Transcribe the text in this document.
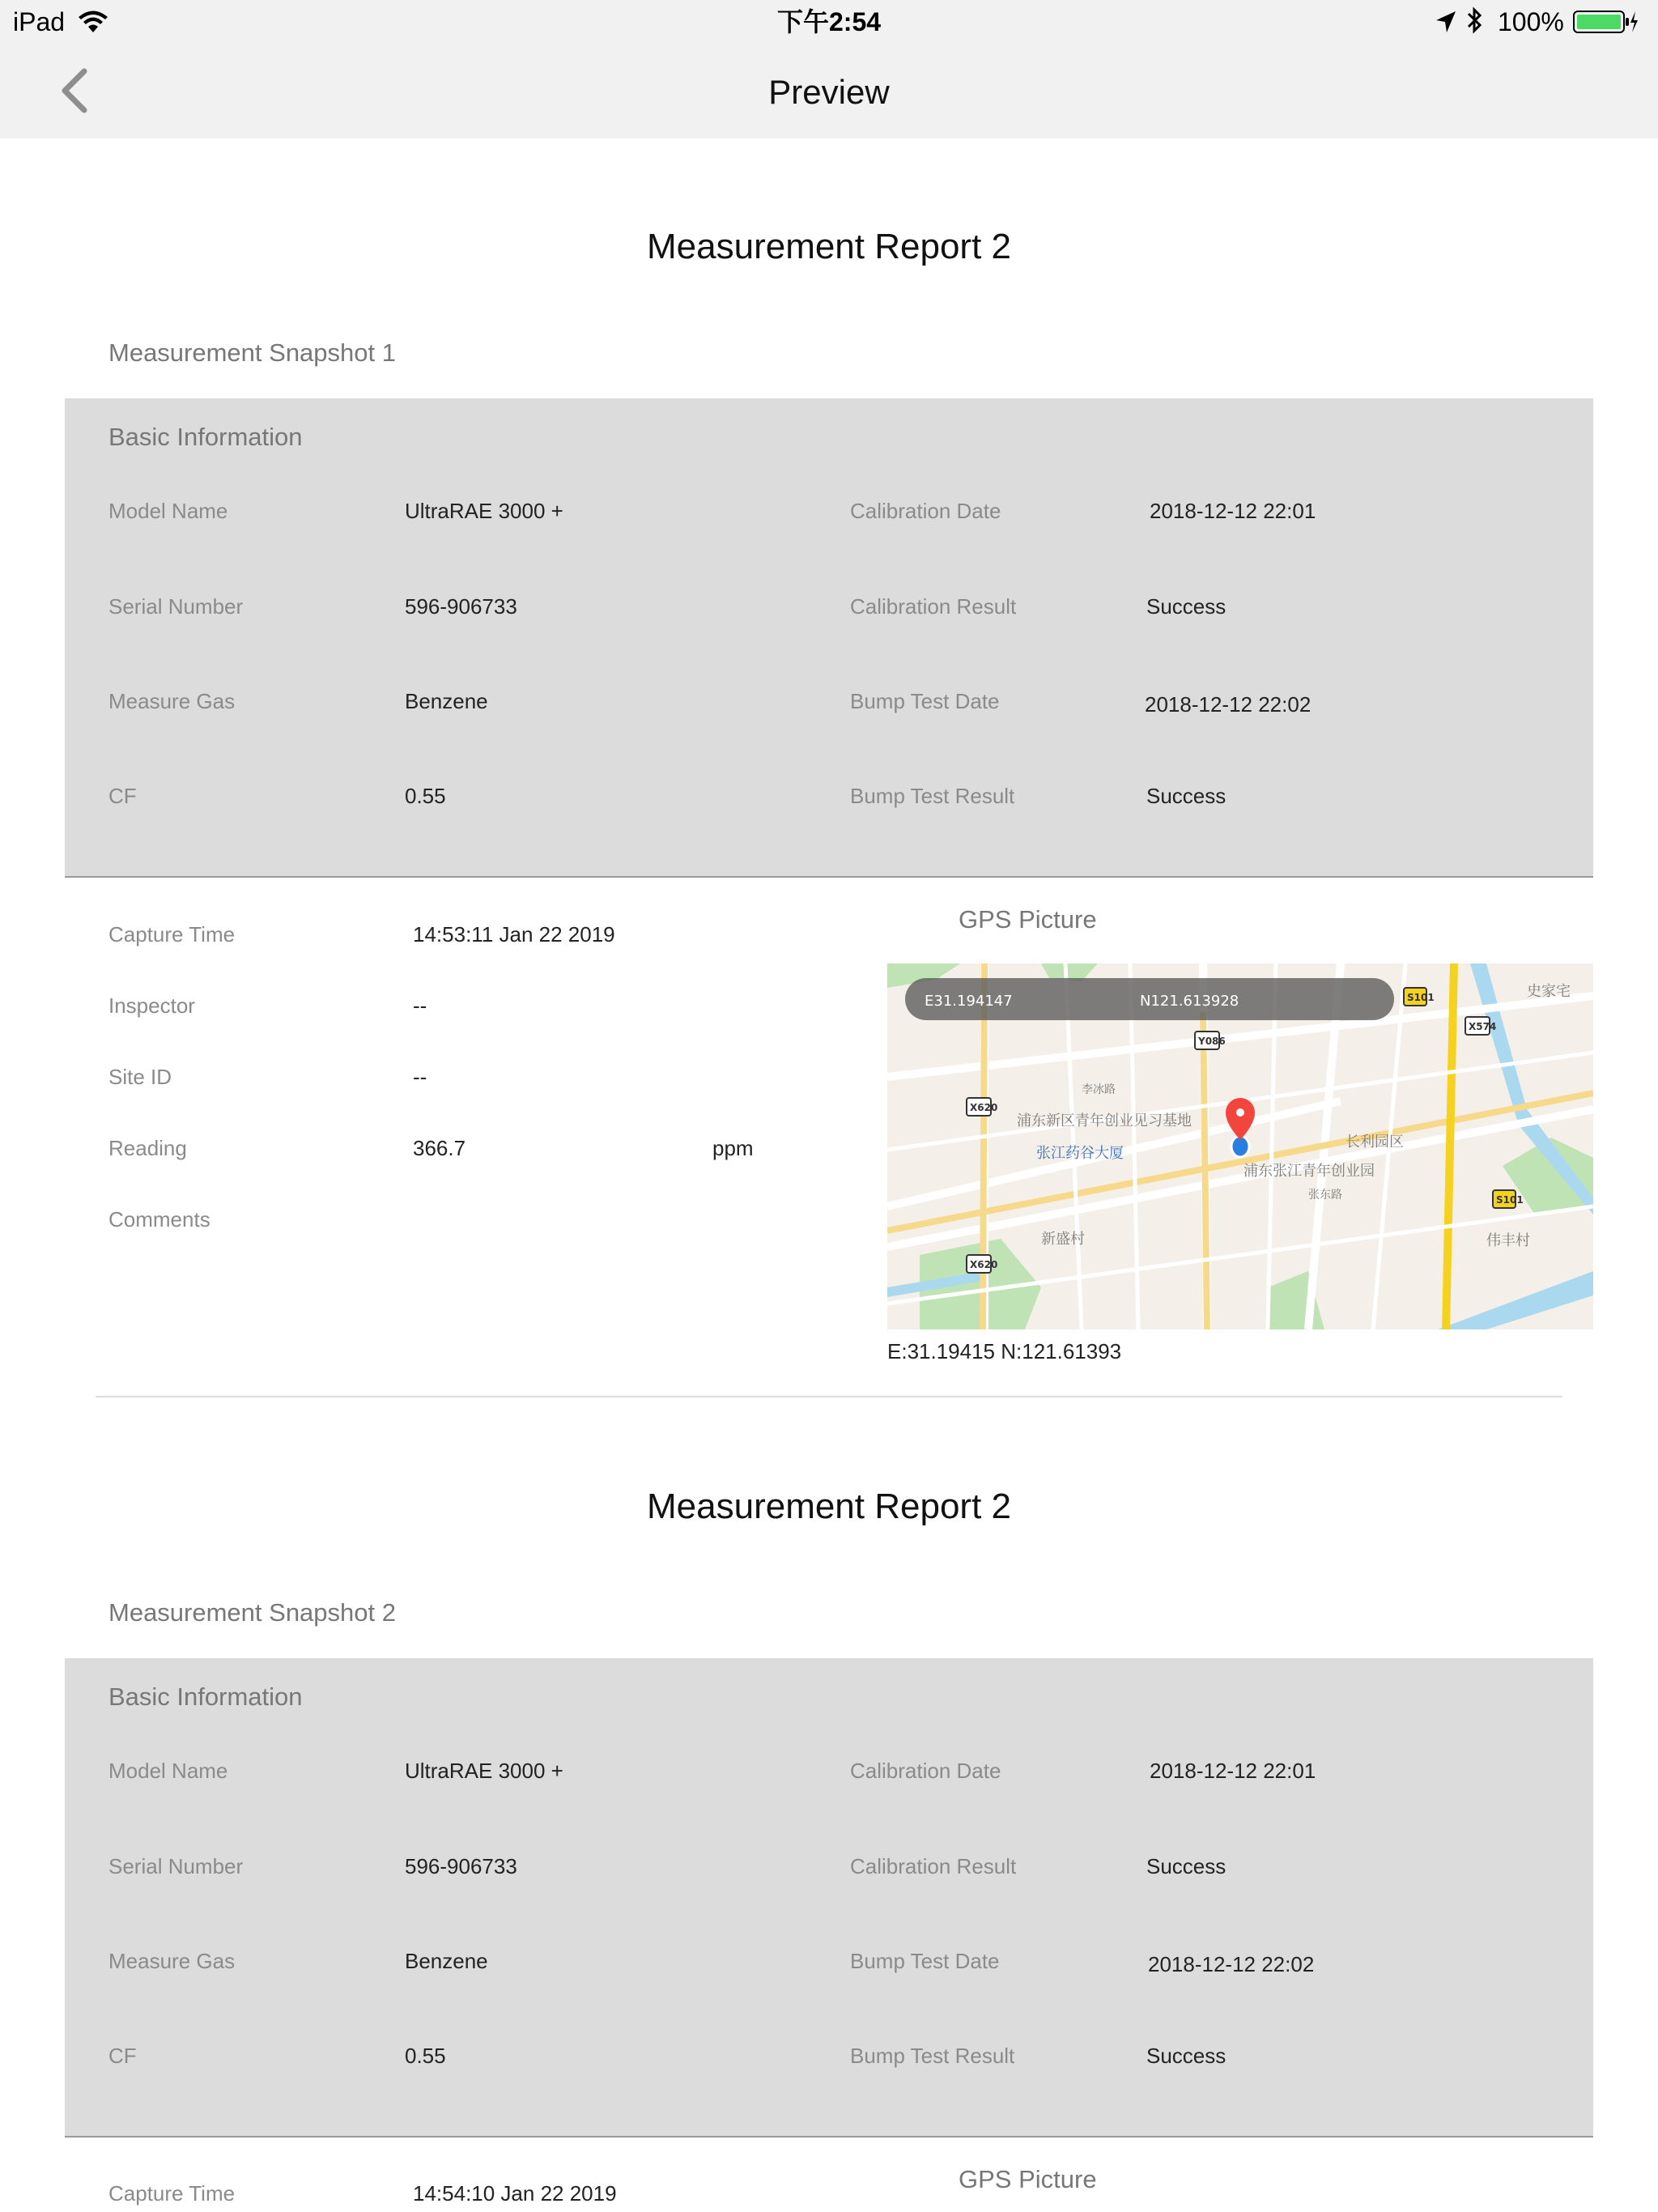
iPad	下午2:54	100%
Preview
Measurement Report 2
Measurement Snapshot 1
Basic Information
Model Name	UltraRAE 3000 +	Calibration Date	2018-12-12 22:01
Serial Number	596-906733	Calibration Result	Success
Measure Gas	Benzene	Bump Test Date	2018-12-12 22:02
CF	0.55	Bump Test Result	Success
Capture Time	14:53:11 Jan 22 2019
Inspector	--
Site ID	--
Reading	366.7	ppm
Comments
GPS Picture
X620
X620
Y086
X574
S101
S101
浦东新区青年创业见习基地
张江药谷大厦
浦东张江青年创业园
长利园区
新盛村	伟丰村
史家宅
张东路
李冰路
E31.194147	N121.613928
E:31.19415 N:121.61393
Measurement Report 2
Measurement Snapshot 2
Basic Information
Model Name	UltraRAE 3000 +	Calibration Date	2018-12-12 22:01
Serial Number	596-906733	Calibration Result	Success
Measure Gas	Benzene	Bump Test Date	2018-12-12 22:02
CF	0.55	Bump Test Result	Success
Capture Time	14:54:10 Jan 22 2019	GPS Picture
